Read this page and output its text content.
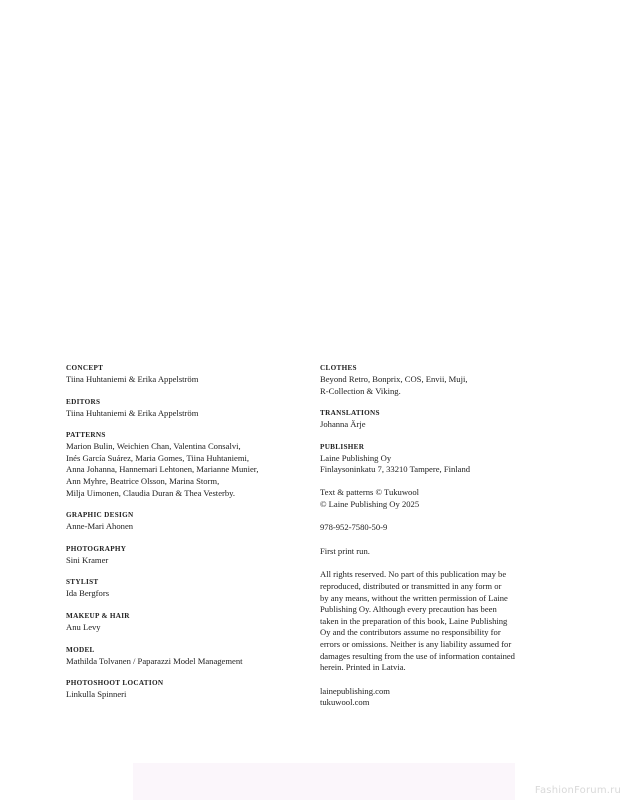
CONCEPT
Tiina Huhtaniemi & Erika Appelström
EDITORS
Tiina Huhtaniemi & Erika Appelström
PATTERNS
Marion Bulin, Weichien Chan, Valentina Consalvi,
Inés García Suárez, Maria Gomes, Tiina Huhtaniemi,
Anna Johanna, Hannemari Lehtonen, Marianne Munier,
Ann Myhre, Beatrice Olsson, Marina Storm,
Milja Uimonen, Claudia Duran & Thea Vesterby.
GRAPHIC DESIGN
Anne-Mari Ahonen
PHOTOGRAPHY
Sini Kramer
STYLIST
Ida Bergfors
MAKEUP & HAIR
Anu Levy
MODEL
Mathilda Tolvanen / Paparazzi Model Management
PHOTOSHOOT LOCATION
Linkulla Spinneri
CLOTHES
Beyond Retro, Bonprix, COS, Envii, Muji,
R-Collection & Viking.
TRANSLATIONS
Johanna Ärje
PUBLISHER
Laine Publishing Oy
Finlaysoninkatu 7, 33210 Tampere, Finland
Text & patterns © Tukuwool
© Laine Publishing Oy 2025
978-952-7580-50-9
First print run.
All rights reserved. No part of this publication may be
reproduced, distributed or transmitted in any form or
by any means, without the written permission of Laine
Publishing Oy. Although every precaution has been
taken in the preparation of this book, Laine Publishing
Oy and the contributors assume no responsibility for
errors or omissions. Neither is any liability assumed for
damages resulting from the use of information contained
herein. Printed in Latvia.
lainepublishing.com
tukuwool.com
FashionForum.ru
